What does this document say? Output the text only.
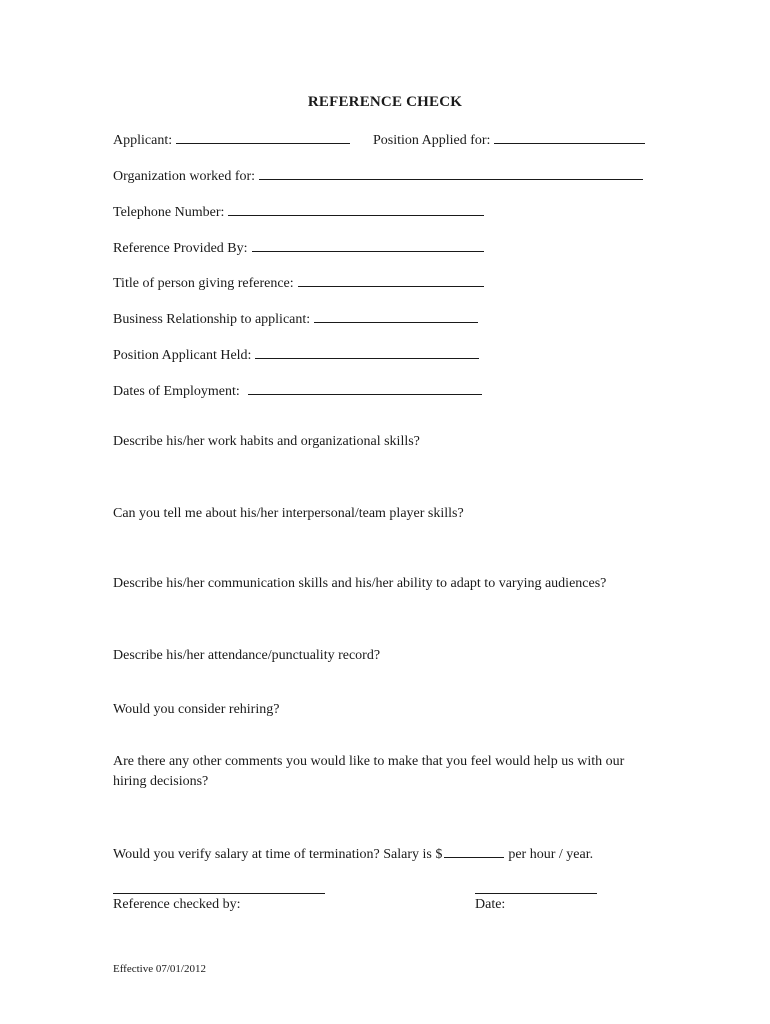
REFERENCE CHECK
Applicant:	Position Applied for:
Organization worked for:
Telephone Number:
Reference Provided By:
Title of person giving reference:
Business Relationship to applicant:
Position Applicant Held:
Dates of Employment:
Describe his/her work habits and organizational skills?
Can you tell me about his/her interpersonal/team player skills?
Describe his/her communication skills and his/her ability to adapt to varying audiences?
Describe his/her attendance/punctuality record?
Would you consider rehiring?
Are there any other comments you would like to make that you feel would help us with our hiring decisions?
Would you verify salary at time of termination? Salary is $	per hour / year.
Reference checked by:	Date:
Effective 07/01/2012
